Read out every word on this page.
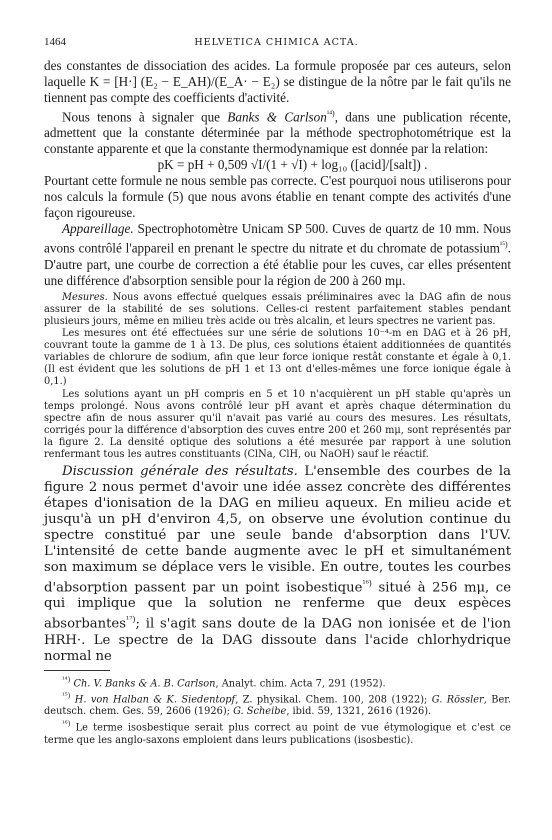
1464	HELVETICA CHIMICA ACTA.

des constantes de dissociation des acides. La formule proposée par ces auteurs, selon laquelle K = [H·] (E₂ − E_AH)/(E_A· − E₂) se distingue de la nôtre par le fait qu'ils ne tiennent pas compte des coefficients d'activité.

Nous tenons à signaler que Banks & Carlson$^{^{14})}$, dans une publication récente, admettent que la constante déterminée par la méthode spectrophotométrique est la constante apparente et que la constante thermodynamique est donnée par la relation:

pK = pH + 0,509 √I/(1 + √I) + log₁₀ ([acid]/[salt]) .

Pourtant cette formule ne nous semble pas correcte. C'est pourquoi nous utiliserons pour nos calculs la formule (5) que nous avons établie en tenant compte des activités d'une façon rigoureuse.

Appareillage. Spectrophotomètre Unicam SP 500. Cuves de quartz de 10 mm. Nous avons contrôlé l'appareil en prenant le spectre du nitrate et du chromate de potassium$^{^{15})}$. D'autre part, une courbe de correction a été établie pour les cuves, car elles présentent une différence d'absorption sensible pour la région de 200 à 260 mμ.

Mesures. Nous avons effectué quelques essais préliminaires avec la DAG afin de nous assurer de la stabilité de ses solutions. Celles-ci restent parfaitement stables pendant plusieurs jours, même en milieu très acide ou très alcalin, et leurs spectres ne varient pas.

Les mesures ont été effectuées sur une série de solutions 10⁻⁴-m en DAG et à 26 pH, couvrant toute la gamme de 1 à 13. De plus, ces solutions étaient additionnées de quantités variables de chlorure de sodium, afin que leur force ionique restât constante et égale à 0,1. (Il est évident que les solutions de pH 1 et 13 ont d'elles-mêmes une force ionique égale à 0,1.)

Les solutions ayant un pH compris en 5 et 10 n'acquièrent un pH stable qu'après un temps prolongé. Nous avons contrôlé leur pH avant et après chaque détermination du spectre afin de nous assurer qu'il n'avait pas varié au cours des mesures. Les résultats, corrigés pour la différence d'absorption des cuves entre 200 et 260 mμ, sont représentés par la figure 2. La densité optique des solutions a été mesurée par rapport à une solution renfermant tous les autres constituants (ClNa, ClH, ou NaOH) sauf le réactif.

Discussion générale des résultats. L'ensemble des courbes de la figure 2 nous permet d'avoir une idée assez concrète des différentes étapes d'ionisation de la DAG en milieu aqueux. En milieu acide et jusqu'à un pH d'environ 4,5, on observe une évolution continue du spectre constitué par une seule bande d'absorption dans l'UV. L'intensité de cette bande augmente avec le pH et simultanément son maximum se déplace vers le visible. En outre, toutes les courbes d'absorption passent par un point isobestique$^{^{16})}$ situé à 256 mμ, ce qui implique que la solution ne renferme que deux espèces absorbantes$^{^{17})}$; il s'agit sans doute de la DAG non ionisée et de l'ion HRH·. Le spectre de la DAG dissoute dans l'acide chlorhydrique normal ne

$^{^{14})}$ Ch. V. Banks & A. B. Carlson, Analyt. chim. Acta 7, 291 (1952).

$^{^{15})}$ H. von Halban & K. Siedentopf, Z. physikal. Chem. 100, 208 (1922); G. Rössler, Ber. deutsch. chem. Ges. 59, 2606 (1926); G. Scheibe, ibid. 59, 1321, 2616 (1926).

$^{^{16})}$ Le terme isosbestique serait plus correct au point de vue étymologique et c'est ce terme que les anglo-saxons emploient dans leurs publications (isosbestic).
